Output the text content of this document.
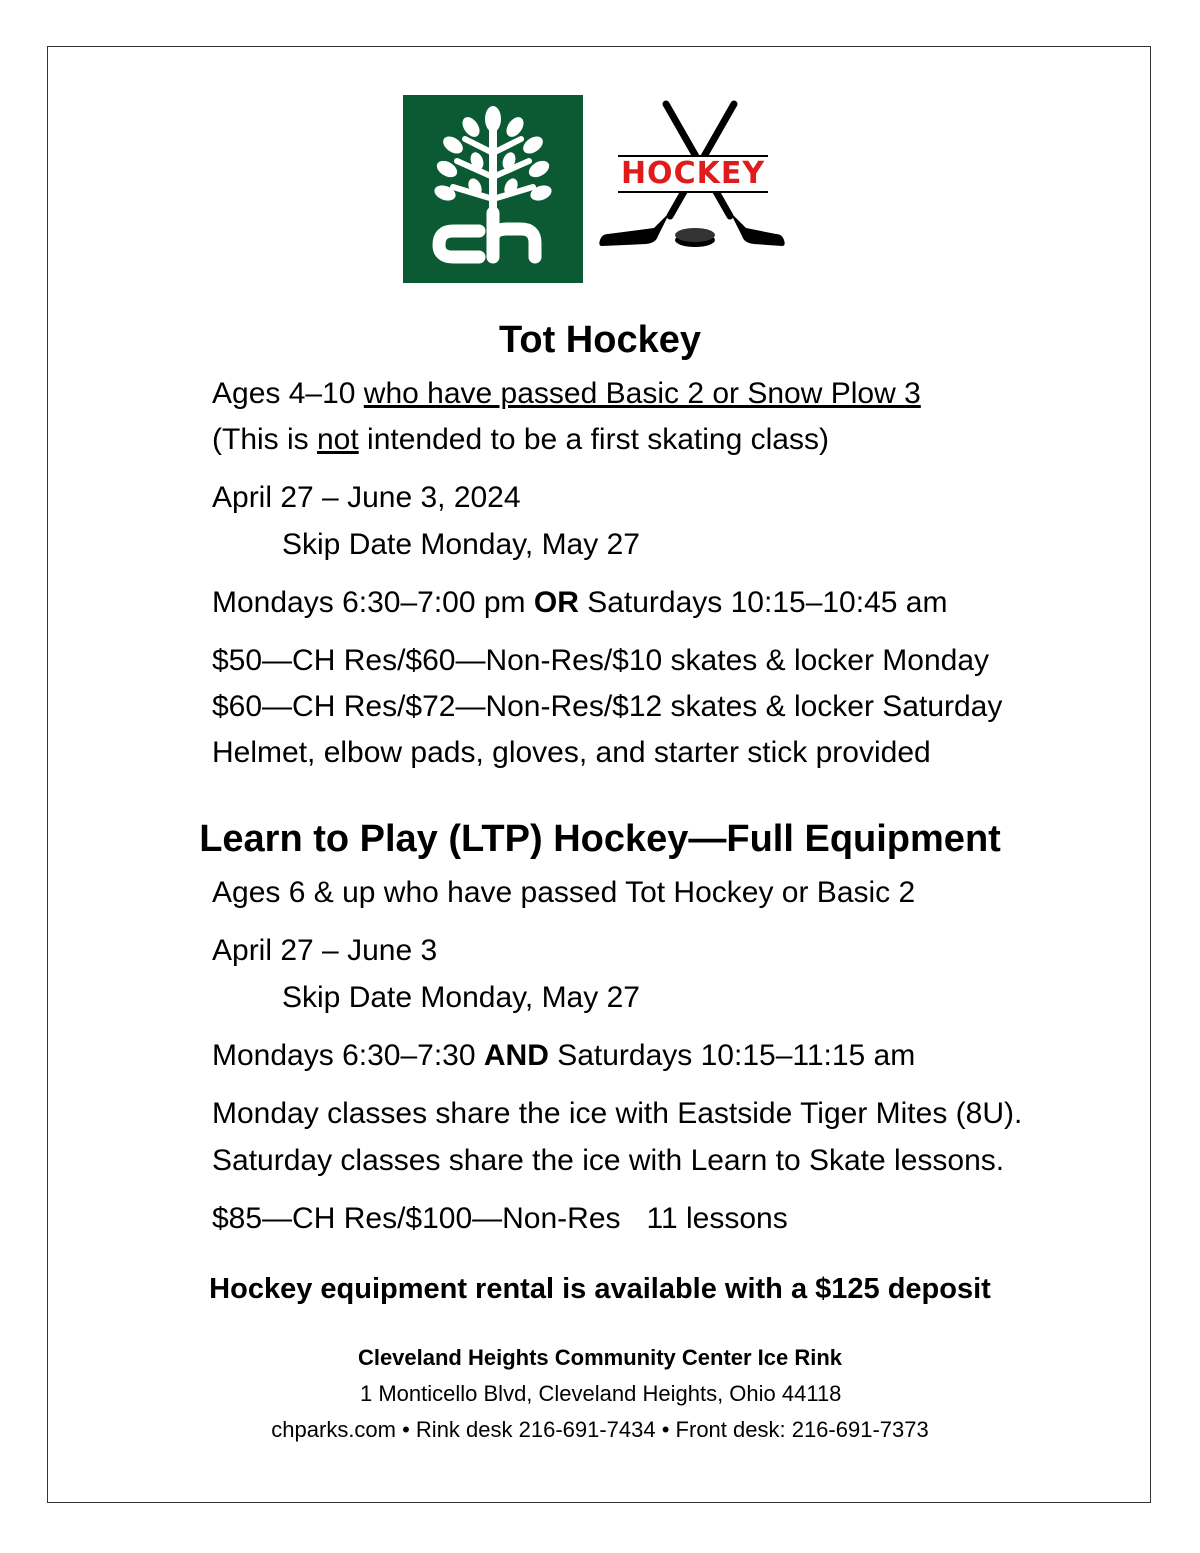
HOCKEY
Tot Hockey
Ages 4–10 who have passed Basic 2 or Snow Plow 3
(This is not intended to be a first skating class)
April 27 – June 3, 2024
Skip Date Monday, May 27
Mondays 6:30–7:00 pm OR Saturdays 10:15–10:45 am
$50—CH Res/$60—Non-Res/$10 skates & locker Monday
$60—CH Res/$72—Non-Res/$12 skates & locker Saturday
Helmet, elbow pads, gloves, and starter stick provided
Learn to Play (LTP) Hockey—Full Equipment
Ages 6 & up who have passed Tot Hockey or Basic 2
April 27 – June 3
Skip Date Monday, May 27
Mondays 6:30–7:30 AND Saturdays 10:15–11:15 am
Monday classes share the ice with Eastside Tiger Mites (8U).
Saturday classes share the ice with Learn to Skate lessons.
$85—CH Res/$100—Non-Res 11 lessons
Hockey equipment rental is available with a $125 deposit
Cleveland Heights Community Center Ice Rink
1 Monticello Blvd, Cleveland Heights, Ohio 44118
chparks.com • Rink desk 216-691-7434 • Front desk: 216-691-7373
